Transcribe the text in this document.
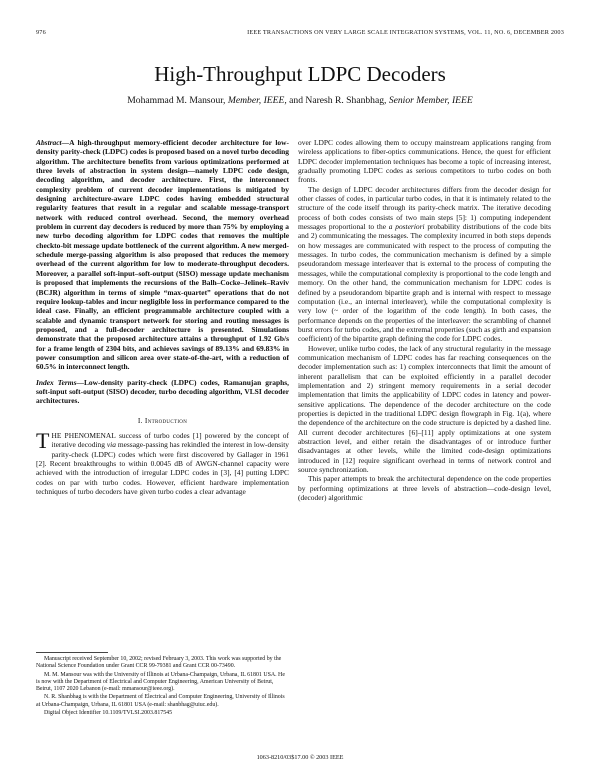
976	IEEE TRANSACTIONS ON VERY LARGE SCALE INTEGRATION SYSTEMS, VOL. 11, NO. 6, DECEMBER 2003
High-Throughput LDPC Decoders
Mohammad M. Mansour, Member, IEEE, and Naresh R. Shanbhag, Senior Member, IEEE

Abstract—A high-throughput memory-efficient decoder architecture for low-density parity-check (LDPC) codes is proposed based on a novel turbo decoding algorithm. The architecture benefits from various optimizations performed at three levels of abstraction in system design—namely LDPC code design, decoding algorithm, and decoder architecture. First, the interconnect complexity problem of current decoder implementations is mitigated by designing architecture-aware LDPC codes having embedded structural regularity features that result in a regular and scalable message-transport network with reduced control overhead. Second, the memory overhead problem in current day decoders is reduced by more than 75% by employing a new turbo decoding algorithm for LDPC codes that removes the multiple checkto-bit message update bottleneck of the current algorithm. A new merged-schedule merge-passing algorithm is also proposed that reduces the memory overhead of the current algorithm for low to moderate-throughput decoders. Moreover, a parallel soft-input–soft-output (SISO) message update mechanism is proposed that implements the recursions of the Balh–Cocke–Jelinek–Raviv (BCJR) algorithm in terms of simple “max-quartet” operations that do not require lookup-tables and incur negligible loss in performance compared to the ideal case. Finally, an efficient programmable architecture coupled with a scalable and dynamic transport network for storing and routing messages is proposed, and a full-decoder architecture is presented. Simulations demonstrate that the proposed architecture attains a throughput of 1.92 Gb/s for a frame length of 2304 bits, and achieves savings of 89.13% and 69.83% in power consumption and silicon area over state-of-the-art, with a reduction of 60.5% in interconnect length.

Index Terms—Low-density parity-check (LDPC) codes, Ramanujan graphs, soft-input soft-output (SISO) decoder, turbo decoding algorithm, VLSI decoder architectures.

I. Introduction

THE PHENOMENAL success of turbo codes [1] powered by the concept of iterative decoding via message-passing has rekindled the interest in low-density parity-check (LDPC) codes which were first discovered by Gallager in 1961 [2]. Recent breakthroughs to within 0.0045 dB of AWGN-channel capacity were achieved with the introduction of irregular LDPC codes in [3], [4] putting LDPC codes on par with turbo codes. However, efficient hardware implementation techniques of turbo decoders have given turbo codes a clear advantage

Manuscript received September 10, 2002; revised February 3, 2003. This work was supported by the National Science Foundation under Grant CCR 99-79381 and Grant CCR 00-73490.

M. M. Mansour was with the University of Illinois at Urbana-Champaign, Urbana, IL 61801 USA. He is now with the Department of Electrical and Computer Engineering, American University of Beirut, Beirut, 1107 2020 Lebanon (e-mail: mmansour@ieee.org).

N. R. Shanbhag is with the Department of Electrical and Computer Engineering, University of Illinois at Urbana-Champaign, Urbana, IL 61801 USA (e-mail: shanbhag@uiuc.edu).

Digital Object Identifier 10.1109/TVLSI.2003.817545

over LDPC codes allowing them to occupy mainstream applications ranging from wireless applications to fiber-optics communications. Hence, the quest for efficient LDPC decoder implementation techniques has become a topic of increasing interest, gradually promoting LDPC codes as serious competitors to turbo codes on both fronts.

The design of LDPC decoder architectures differs from the decoder design for other classes of codes, in particular turbo codes, in that it is intimately related to the structure of the code itself through its parity-check matrix. The iterative decoding process of both codes consists of two main steps [5]: 1) computing independent messages proportional to the a posteriori probability distributions of the code bits and 2) communicating the messages. The complexity incurred in both steps depends on how messages are communicated with respect to the process of computing the messages. In turbo codes, the communication mechanism is defined by a simple pseudorandom message interleaver that is external to the process of computing the messages, while the computational complexity is proportional to the code length and memory. On the other hand, the communication mechanism for LDPC codes is defined by a pseudorandom bipartite graph and is internal with respect to message computation (i.e., an internal interleaver), while the computational complexity is very low (~ order of the logarithm of the code length). In both cases, the performance depends on the properties of the interleaver: the scrambling of channel burst errors for turbo codes, and the extremal properties (such as girth and expansion coefficient) of the bipartite graph defining the code for LDPC codes.

However, unlike turbo codes, the lack of any structural regularity in the message communication mechanism of LDPC codes has far reaching consequences on the decoder implementation such as: 1) complex interconnects that limit the amount of inherent parallelism that can be exploited efficiently in a parallel decoder implementation and 2) stringent memory requirements in a serial decoder implementation that limits the applicability of LDPC codes in latency and power-sensitive applications. The dependence of the decoder architecture on the code properties is depicted in the traditional LDPC design flowgraph in Fig. 1(a), where the dependence of the architecture on the code structure is depicted by a dashed line. All current decoder architectures [6]–[11] apply optimizations at one system abstraction level, and either retain the disadvantages of or introduce further disadvantages at other levels, while the limited code-design optimizations introduced in [12] require significant overhead in terms of network control and source synchronization.

This paper attempts to break the architectural dependence on the code properties by performing optimizations at three levels of abstraction—code-design level, (decoder) algorithmic

1063-8210/03$17.00 © 2003 IEEE
